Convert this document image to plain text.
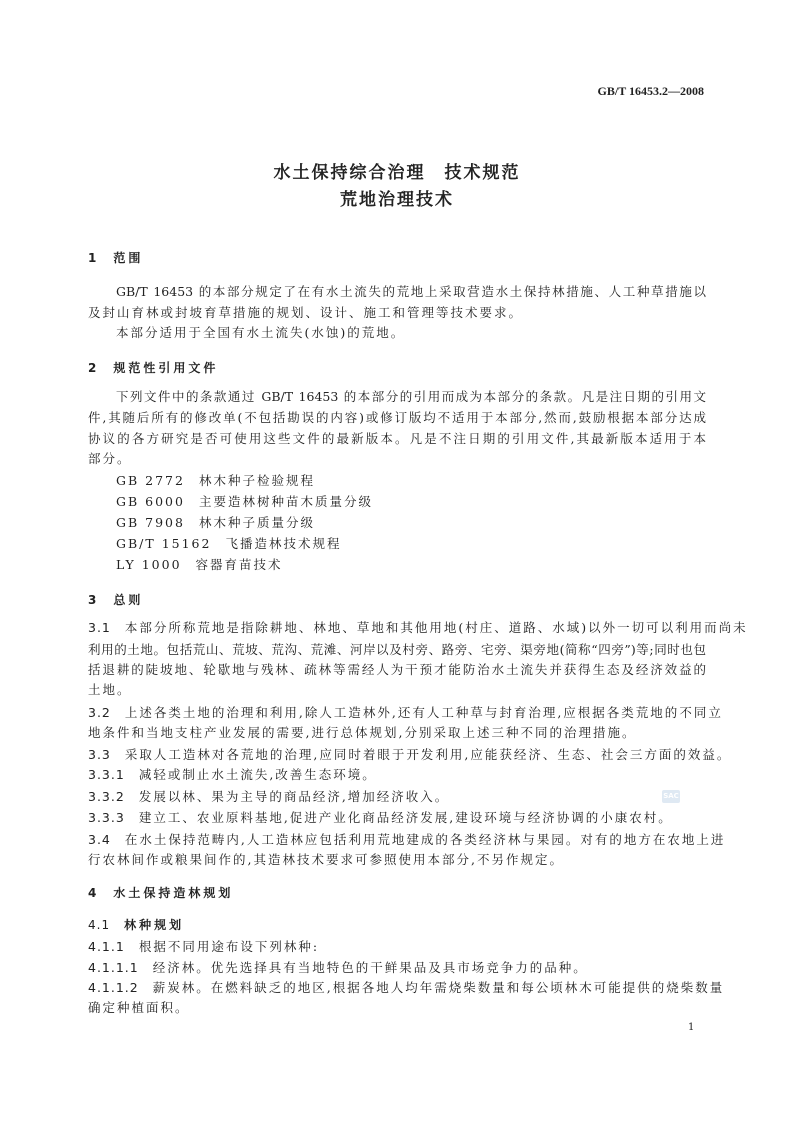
GB/T 16453.2—2008
水土保持综合治理　技术规范
荒地治理技术
1 范围
GB/T 16453 的本部分规定了在有水土流失的荒地上采取营造水土保持林措施、人工种草措施以
及封山育林或封坡育草措施的规划、设计、施工和管理等技术要求。
本部分适用于全国有水土流失(水蚀)的荒地。
2 规范性引用文件
下列文件中的条款通过 GB/T 16453 的本部分的引用而成为本部分的条款。凡是注日期的引用文
件,其随后所有的修改单(不包括勘误的内容)或修订版均不适用于本部分,然而,鼓励根据本部分达成
协议的各方研究是否可使用这些文件的最新版本。凡是不注日期的引用文件,其最新版本适用于本
部分。
GB 2772 林木种子检验规程
GB 6000 主要造林树种苗木质量分级
GB 7908 林木种子质量分级
GB/T 15162 飞播造林技术规程
LY 1000 容器育苗技术
3 总则
3.1 本部分所称荒地是指除耕地、林地、草地和其他用地(村庄、道路、水域)以外一切可以利用而尚未
利用的土地。包括荒山、荒坡、荒沟、荒滩、河岸以及村旁、路旁、宅旁、渠旁地(简称“四旁”)等;同时也包
括退耕的陡坡地、轮歇地与残林、疏林等需经人为干预才能防治水土流失并获得生态及经济效益的
土地。
3.2 上述各类土地的治理和利用,除人工造林外,还有人工种草与封育治理,应根据各类荒地的不同立
地条件和当地支柱产业发展的需要,进行总体规划,分别采取上述三种不同的治理措施。
3.3 采取人工造林对各荒地的治理,应同时着眼于开发利用,应能获经济、生态、社会三方面的效益。
3.3.1 减轻或制止水土流失,改善生态环境。
3.3.2 发展以林、果为主导的商品经济,增加经济收入。
3.3.3 建立工、农业原料基地,促进产业化商品经济发展,建设环境与经济协调的小康农村。
3.4 在水土保持范畴内,人工造林应包括利用荒地建成的各类经济林与果园。对有的地方在农地上进
行农林间作或粮果间作的,其造林技术要求可参照使用本部分,不另作规定。
4 水土保持造林规划
4.1 林种规划
4.1.1 根据不同用途布设下列林种:
4.1.1.1 经济林。优先选择具有当地特色的干鲜果品及具市场竞争力的品种。
4.1.1.2 薪炭林。在燃料缺乏的地区,根据各地人均年需烧柴数量和每公顷林木可能提供的烧柴数量
确定种植面积。
SAC
1
